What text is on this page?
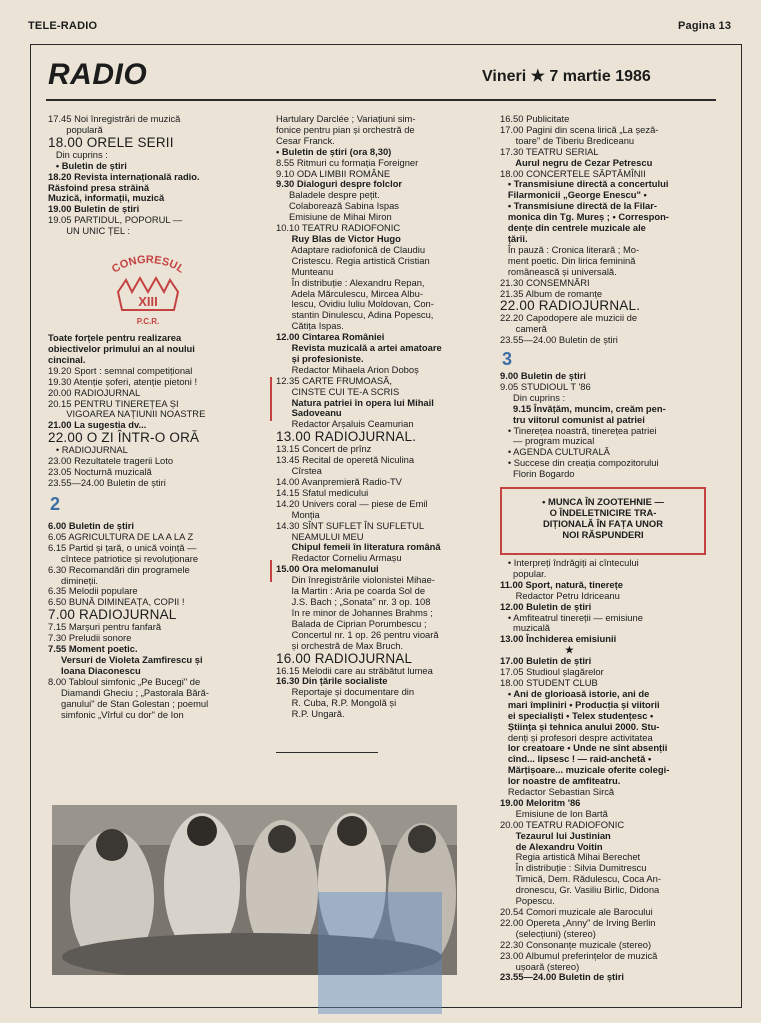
TELE-RADIO	Pagina 13
RADIO	Vineri ★ 7 martie 1986
17.45 Noi înregistrări de muzică
populară
18.00 ORELE SERII
Din cuprins :
• Buletin de știri
18.20 Revista internațională radio.
Răsfoind presa străină
Muzică, informații, muzică
19.00 Buletin de știri
19.05 PARTIDUL, POPORUL —
UN UNIC ȚEL :
Toate forțele pentru realizarea
obiectivelor primului an al noului
cincinal.
19.20 Sport : semnal competițional
19.30 Atenție șoferi, atenție pietoni !
20.00 RADIOJURNAL
20.15 PENTRU TINEREȚEA ȘI
VIGOAREA NAȚIUNII NOASTRE
21.00 La sugestia dv...
22.00 O ZI ÎNTR-O ORĂ
• RADIOJURNAL
23.00 Rezultatele tragerii Loto
23.05 Nocturnă muzicală
23.55—24.00 Buletin de știri
CONGRESUL
XIII
P.C.R.
2
6.00 Buletin de știri
6.05 AGRICULTURA DE LA A LA Z
6.15 Partid și țară, o unică voință —
cîntece patriotice și revoluționare
6.30 Recomandări din programele
dimineții.
6.35 Melodii populare
6.50 BUNĂ DIMINEAȚA, COPII !
7.00 RADIOJURNAL
7.15 Marșuri pentru fanfară
7.30 Preludii sonore
7.55 Moment poetic.
Versuri de Violeta Zamfirescu și
Ioana Diaconescu
8.00 Tabloul simfonic „Pe Bucegi" de
Diamandi Gheciu ; „Pastorala Bără-
ganului" de Stan Golestan ; poemul
simfonic „Vîrful cu dor" de Ion
Hartulary Darclée ; Variațiuni sim-
fonice pentru pian și orchestră de
Cesar Franck.
• Buletin de știri (ora 8,30)
8.55 Ritmuri cu formația Foreigner
9.10 ODA LIMBII ROMÂNE
9.30 Dialoguri despre folclor
Baladele despre pețit.
Colaborează Sabina Ispas
Emisiune de Mihai Miron
10.10 TEATRU RADIOFONIC
Ruy Blas de Victor Hugo
Adaptare radiofonică de Claudiu
Cristescu. Regia artistică Cristian
Munteanu
În distribuție : Alexandru Repan,
Adela Mărculescu, Mircea Albu-
lescu, Ovidiu Iuliu Moldovan, Con-
stantin Dinulescu, Adina Popescu,
Cătița Ispas.
12.00 Cîntarea României
Revista muzicală a artei amatoare
și profesioniste.
Redactor Mihaela Arion Doboș
12.35 CARTE FRUMOASĂ,
CINSTE CUI TE-A SCRIS
Natura patriei în opera lui Mihail
Sadoveanu
Redactor Arșaluis Ceamurian
13.00 RADIOJURNAL.
13.15 Concert de prînz
13.45 Recital de operetă Niculina
Cîrstea
14.00 Avanpremieră Radio-TV
14.15 Sfatul medicului
14.20 Univers coral — piese de Emil
Monția
14.30 SÎNT SUFLET ÎN SUFLETUL
NEAMULUI MEU
Chipul femeii în literatura română
Redactor Corneliu Armașu
15.00 Ora melomanului
Din înregistrările violonistei Mihae-
la Martin : Aria pe coarda Sol de
J.S. Bach ; „Sonata" nr. 3 op. 108
în re minor de Johannes Brahms ;
Balada de Ciprian Porumbescu ;
Concertul nr. 1 op. 26 pentru vioară
și orchestră de Max Bruch.
16.00 RADIOJURNAL
16.15 Melodii care au străbătut lumea
16.30 Din țările socialiste
Reportaje și documentare din
R. Cuba, R.P. Mongolă și
R.P. Ungară.
16.50 Publicitate
17.00 Pagini din scena lirică „La șeză-
toare" de Tiberiu Brediceanu
17.30 TEATRU SERIAL
Aurul negru de Cezar Petrescu
18.00 CONCERTELE SĂPTĂMÎNII
• Transmisiune directă a concertului
Filarmonicii „George Enescu" •
• Transmisiune directă de la Filar-
monica din Tg. Mureș ; • Correspon-
dențe din centrele muzicale ale
țării.
În pauză : Cronica literară ; Mo-
ment poetic. Din lirica feminină
românească și universală.
21.30 CONSEMNĂRI
21.35 Album de romanțe
22.00 RADIOJURNAL.
22.20 Capodopere ale muzicii de
cameră
23.55—24.00 Buletin de știri
3
9.00 Buletin de știri
9.05 STUDIOUL T '86
Din cuprins :
9.15 Învățăm, muncim, creăm pen-
tru viitorul comunist al patriei
• Tinerețea noastră, tinerețea patriei
— program muzical
• AGENDA CULTURALĂ
• Succese din creația compozitorului
Florin Bogardo
• MUNCA ÎN ZOOTEHNIE —
O ÎNDELETNICIRE TRA-
DIȚIONALĂ ÎN FAȚA UNOR
NOI RĂSPUNDERI
• Interpreți îndrăgiți ai cîntecului
popular.
11.00 Sport, natură, tinerețe
Redactor Petru Idriceanu
12.00 Buletin de știri
• Amfiteatrul tinereții — emisiune
muzicală
13.00 Închiderea emisiunii
★
17.00 Buletin de știri
17.05 Studioul șlagărelor
18.00 STUDENT CLUB
• Ani de glorioasă istorie, ani de
mari împliniri • Producția și viitorii
ei specialiști • Telex studențesc •
Știința și tehnica anului 2000. Stu-
denți și profesori despre activitatea
lor creatoare • Unde ne sînt absenții
cînd... lipsesc ! — raid-anchetă •
Mărțișoare... muzicale oferite colegi-
lor noastre de amfiteatru.
Redactor Sebastian Sircă
19.00 Meloritm '86
Emisiune de Ion Bartă
20.00 TEATRU RADIOFONIC
Tezaurul lui Justinian
de Alexandru Voitin
Regia artistică Mihai Berechet
În distribuție : Silvia Dumitrescu
Timică, Dem. Rădulescu, Coca An-
dronescu, Gr. Vasiliu Birlic, Didona
Popescu.
20.54 Comori muzicale ale Barocului
22.00 Opereta „Anny" de Irving Berlin
(selecțiuni) (stereo)
22.30 Consonanțe muzicale (stereo)
23.00 Albumul preferințelor de muzică
ușoară (stereo)
23.55—24.00 Buletin de știri
